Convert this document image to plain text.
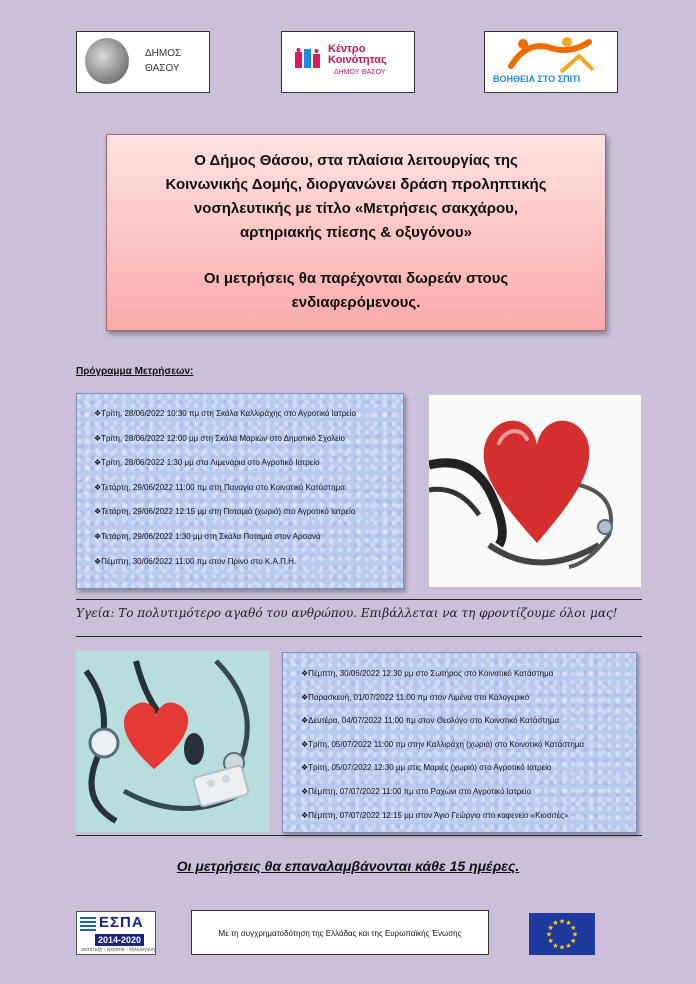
ΔΗΜΟΣ
ΘΑΣΟΥ
Κέντρο
Κοινότητας
ΔΗΜΟΥ ΘΑΣΟΥ
ΒΟΗΘΕΙΑ ΣΤΟ ΣΠΙΤΙ

Ο Δήμος Θάσου, στα πλαίσια λειτουργίας της

Κοινωνικής Δομής, διοργανώνει δράση προληπτικής

νοσηλευτικής με τίτλο «Μετρήσεις σακχάρου,

αρτηριακής πίεσης & οξυγόνου»

Οι μετρήσεις θα παρέχονται δωρεάν στους

ενδιαφερόμενους.

Πρόγραμμα Μετρήσεων:
❖Τρίτη, 28/06/2022 10:30 πμ στη Σκάλα Καλλιράχης στο Αγροτικό Ιατρείο
❖Τρίτη, 28/06/2022 12:00 μμ στη Σκάλα Μαριών στο Δημοτικό Σχολείο
❖Τρίτη, 28/06/2022 1:30 μμ στα Λιμενάρια στο Αγροτικό Ιατρείο
❖Τετάρτη, 29/06/2022 11:00 πμ στη Παναγία στο Κοινοτικό Κατάστημα
❖Τετάρτη, 29/06/2022 12:15 μμ στη Ποταμιά (χωριό) στο Αγροτικό Ιατρείο
❖Τετάρτη, 29/06/2022 1:30 μμ στη Σκάλα Ποταμιά στον Αρσανά
❖Πέμπτη, 30/06/2022 11:00 πμ στον Πρίνο στο Κ.Α.Π.Η.
Υγεία: Το πολυτιμότερο αγαθό του ανθρώπου. Επιβάλλεται να τη φροντίζουμε όλοι μας!
❖Πέμπτη, 30/06/2022 12:30 μμ στο Σωτήρος στο Κοινοτικό Κατάστημα
❖Παρασκευή, 01/07/2022 11:00 πμ στον Λιμένα στο Καλογερικό
❖Δευτέρα, 04/07/2022 11:00 πμ στον Θεολόγο στο Κοινοτικό Κατάστημα
❖Τρίτη, 05/07/2022 11:00 πμ στην Καλλιράχη (χωριό) στο Κοινοτικό Κατάστημα
❖Τρίτη, 05/07/2022 12:30 μμ στις Μαριές (χωριό) στο Αγροτικό Ιατρείο
❖Πέμπτη, 07/07/2022 11:00 πμ στο Ραχώνι στο Αγροτικό Ιατρείο
❖Πέμπτη, 07/07/2022 12:15 μμ στον Άγιο Γεώργιο στο καφενείο «Κιοσσές»
Οι μετρήσεις θα επαναλαμβάνονται κάθε 15 ημέρες.
ΕΣΠΑ
2014-2020
ανάπτυξη - εργασία - αλληλεγγύη
Με τη συγχρηματοδότηση της Ελλάδας και της Ευρωπαϊκής Ένωσης	★
★
★
★
★
★
★
★
★ ★ ★
★
